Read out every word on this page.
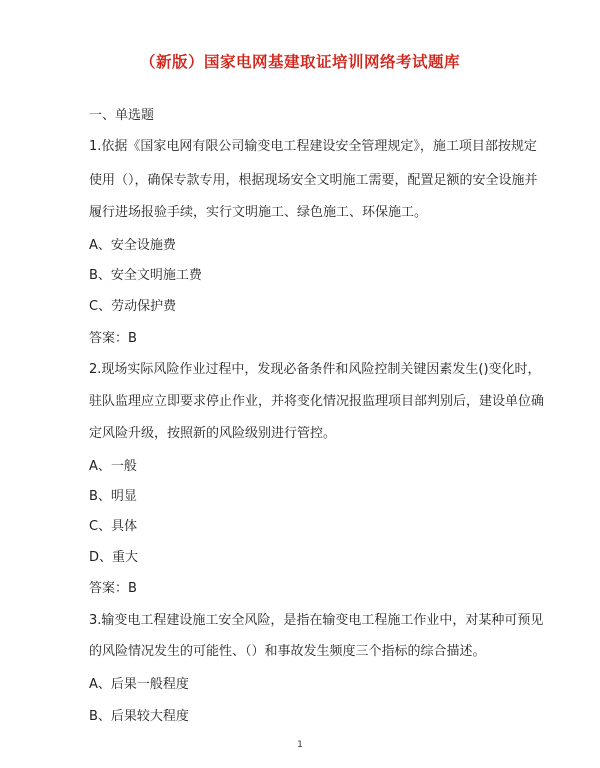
（新版）国家电网基建取证培训网络考试题库
一、单选题
1.依据《国家电网有限公司输变电工程建设安全管理规定》，施工项目部按规定
使用（），确保专款专用，根据现场安全文明施工需要，配置足额的安全设施并
履行进场报验手续，实行文明施工、绿色施工、环保施工。
A、安全设施费
B、安全文明施工费
C、劳动保护费
答案：B
2.现场实际风险作业过程中，发现必备条件和风险控制关键因素发生()变化时，
驻队监理应立即要求停止作业，并将变化情况报监理项目部判别后，建设单位确
定风险升级，按照新的风险级别进行管控。
A、一般
B、明显
C、具体
D、重大
答案：B
3.输变电工程建设施工安全风险，是指在输变电工程施工作业中，对某种可预见
的风险情况发生的可能性、（）和事故发生频度三个指标的综合描述。
A、后果一般程度
B、后果较大程度
1
